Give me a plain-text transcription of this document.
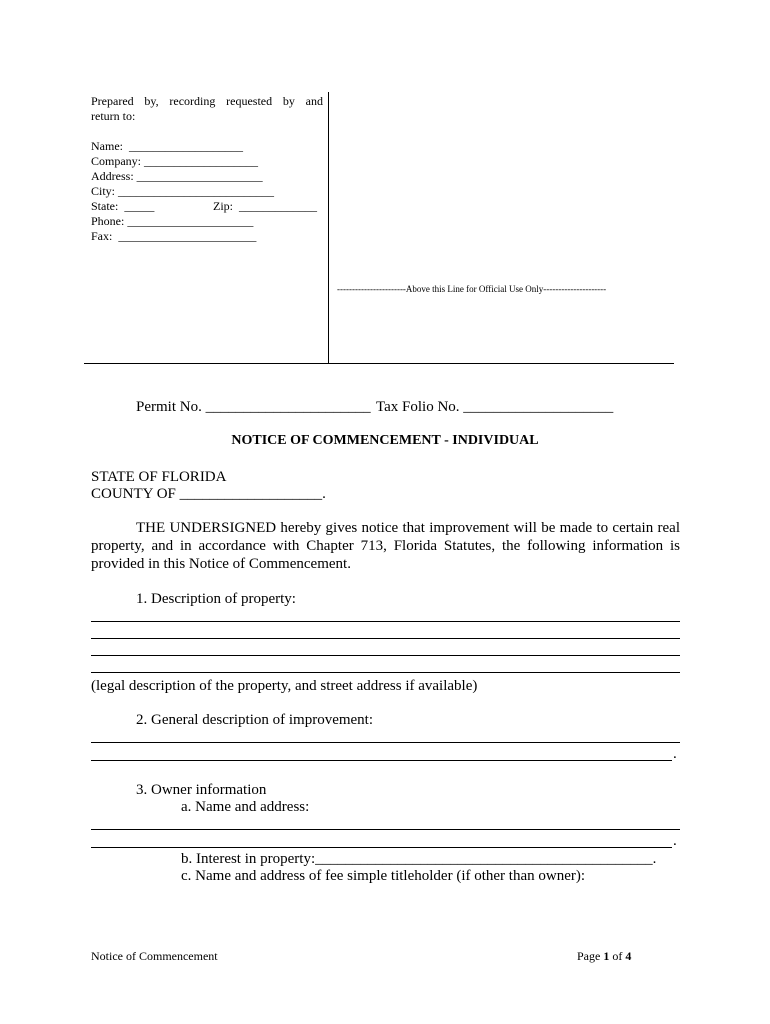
Prepared by, recording requested by and
return to:
Name:  ___________________
Company: ___________________
Address: _____________________
City: __________________________
State:  _____	Zip:  _____________
Phone: _____________________
Fax:  _______________________
-----------------------Above this Line for Official Use Only---------------------
Permit No. ______________________ Tax Folio No. ____________________
NOTICE OF COMMENCEMENT - INDIVIDUAL
STATE OF FLORIDA
COUNTY OF ___________________.
THE UNDERSIGNED hereby gives notice that improvement will be made to certain real
property, and in accordance with Chapter 713, Florida Statutes, the following information is
provided in this Notice of Commencement.
1. Description of property:
(legal description of the property, and street address if available)
2. General description of improvement:
.
3. Owner information
a. Name and address:
.
b. Interest in property:_____________________________________________.
c. Name and address of fee simple titleholder (if other than owner):
Notice of Commencement	Page 1 of 4
